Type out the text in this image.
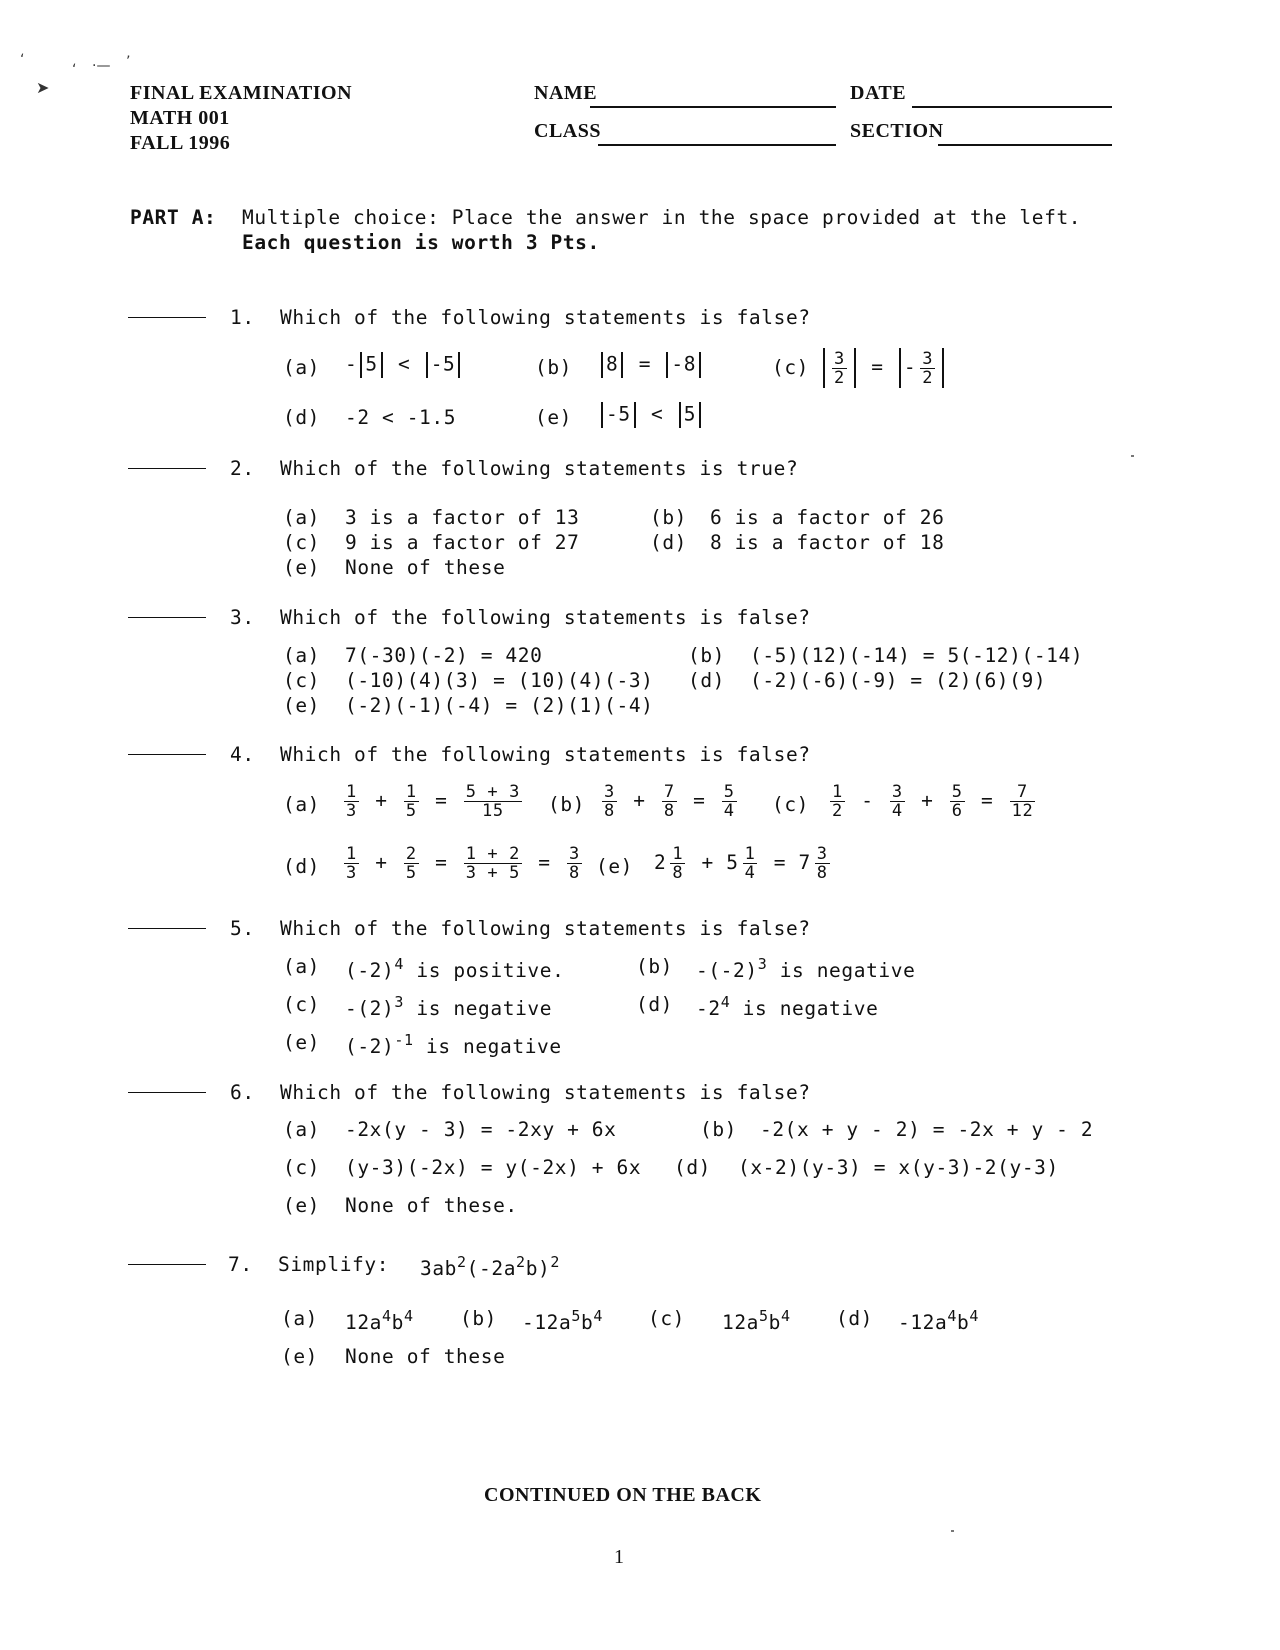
‘
➤
‘ ·— ’
FINAL EXAMINATION
MATH 001
FALL 1996
NAME	DATE
CLASS	SECTION
PART A: Multiple choice: Place the answer in the space provided at the left.
Each question is worth 3 Pts.
1. Which of the following statements is false?
(a) - 5 < -5	(b)	8 = -8	$(c) \frac{3}{2}$ = - $\frac{3}{2}$
(d) -2 < -1.5	(e)	-5 < 5
2. Which of the following statements is true?
(a) 3 is a factor of 13	(b) 6 is a factor of 26
(c) 9 is a factor of 27	(d) 8 is a factor of 18
(e) None of these
3. Which of the following statements is false?
(a) 7(-30)(-2) = 420	(b) (-5)(12)(-14) = 5(-12)(-14)
(c) (-10)(4)(3) = (10)(4)(-3) (d) (-2)(-6)(-9) = (2)(6)(9)
(e) (-2)(-1)(-4) = (2)(1)(-4)
4. Which of the following statements is false?
$(a) \frac{1}{3} + \frac{1}{5} = \frac{5 + 3}{15} (b) \frac{3}{8} + \frac{7}{8} = \frac{5}{4} (c) \frac{1}{2} - \frac{3}{4} + \frac{5}{6} = \frac{7}{12}$
$(d) \frac{1}{3} + \frac{2}{5} = \frac{1 + 2}{3 + 5} = \frac{3}{8} (e)$ $2 \frac{1}{8} + 5 \frac{1}{4} = 7 \frac{3}{8}$
5. Which of the following statements is false?
(a) $(-2)^4$ is positive.	(b) $-(-2)^3$ is negative
(c) $-(2)^3$ is negative	(d) $-2^4$ is negative
(e) $(-2)^{-1}$ is negative
6. Which of the following statements is false?
(a) -2x(y - 3) = -2xy + 6x	(b) -2(x + y - 2) = -2x + y - 2
(c) (y-3)(-2x) = y(-2x) + 6x (d) (x-2)(y-3) = x(y-3)-2(y-3)
(e) None of these.
7. Simplify: $3ab^2(-2a^2b)^2$
(a) $12a^4b^4$ (b) $-12a^5b^4$ (c) $12a^5b^4$ (d) $-12a^4b^4$
(e) None of these
CONTINUED ON THE BACK
1
